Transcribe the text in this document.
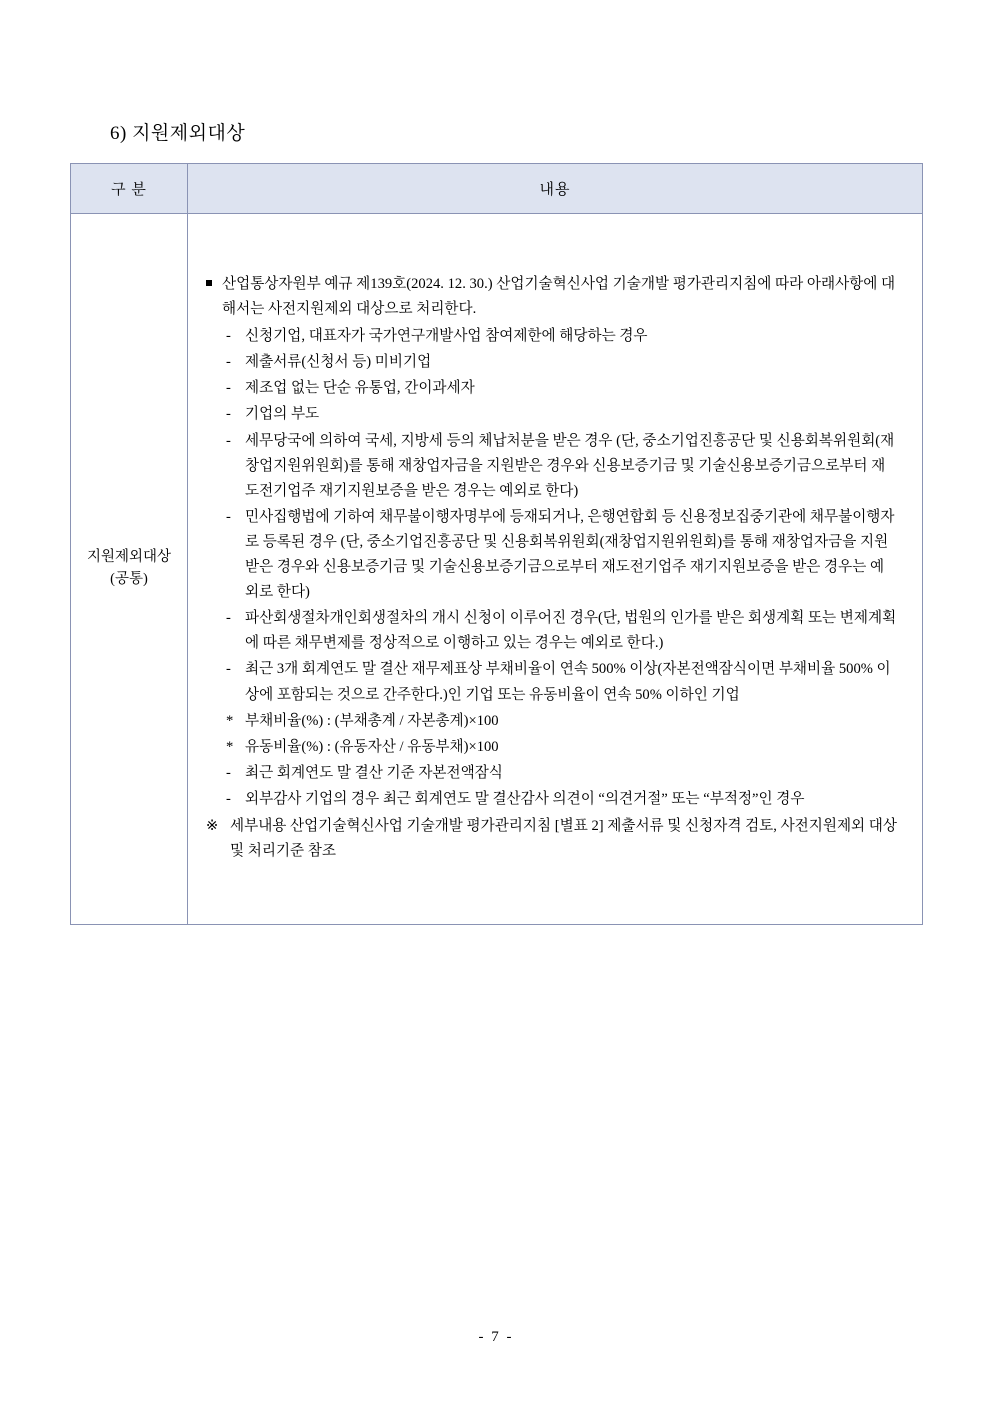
6) 지원제외대상
구 분	내용

지원제외대상
(공통)

산업통상자원부 예규 제139호(2024. 12. 30.) 산업기술혁신사업 기술개발 평가관리지침에 따라 아래사항에 대해서는 사전지원제외 대상으로 처리한다.
- 신청기업, 대표자가 국가연구개발사업 참여제한에 해당하는 경우
- 제출서류(신청서 등) 미비기업
- 제조업 없는 단순 유통업, 간이과세자
- 기업의 부도
- 세무당국에 의하여 국세, 지방세 등의 체납처분을 받은 경우 (단, 중소기업진흥공단 및 신용회복위원회(재창업지원위원회)를 통해 재창업자금을 지원받은 경우와 신용보증기금 및 기술신용보증기금으로부터 재도전기업주 재기지원보증을 받은 경우는 예외로 한다)
- 민사집행법에 기하여 채무불이행자명부에 등재되거나, 은행연합회 등 신용정보집중기관에 채무불이행자로 등록된 경우 (단, 중소기업진흥공단 및 신용회복위원회(재창업지원위원회)를 통해 재창업자금을 지원받은 경우와 신용보증기금 및 기술신용보증기금으로부터 재도전기업주 재기지원보증을 받은 경우는 예외로 한다)
- 파산회생절차개인회생절차의 개시 신청이 이루어진 경우(단, 법원의 인가를 받은 회생계획 또는 변제계획에 따른 채무변제를 정상적으로 이행하고 있는 경우는 예외로 한다.)
- 최근 3개 회계연도 말 결산 재무제표상 부채비율이 연속 500% 이상(자본전액잠식이면 부채비율 500% 이상에 포함되는 것으로 간주한다.)인 기업 또는 유동비율이 연속 50% 이하인 기업
* 부채비율(%) : (부채총계 / 자본총계)×100
* 유동비율(%) : (유동자산 / 유동부채)×100
- 최근 회계연도 말 결산 기준 자본전액잠식
- 외부감사 기업의 경우 최근 회계연도 말 결산감사 의견이 “의견거절” 또는 “부적정”인 경우
※ 세부내용 산업기술혁신사업 기술개발 평가관리지침 [별표 2] 제출서류 및 신청자격 검토, 사전지원제외 대상 및 처리기준 참조
- 7 -
